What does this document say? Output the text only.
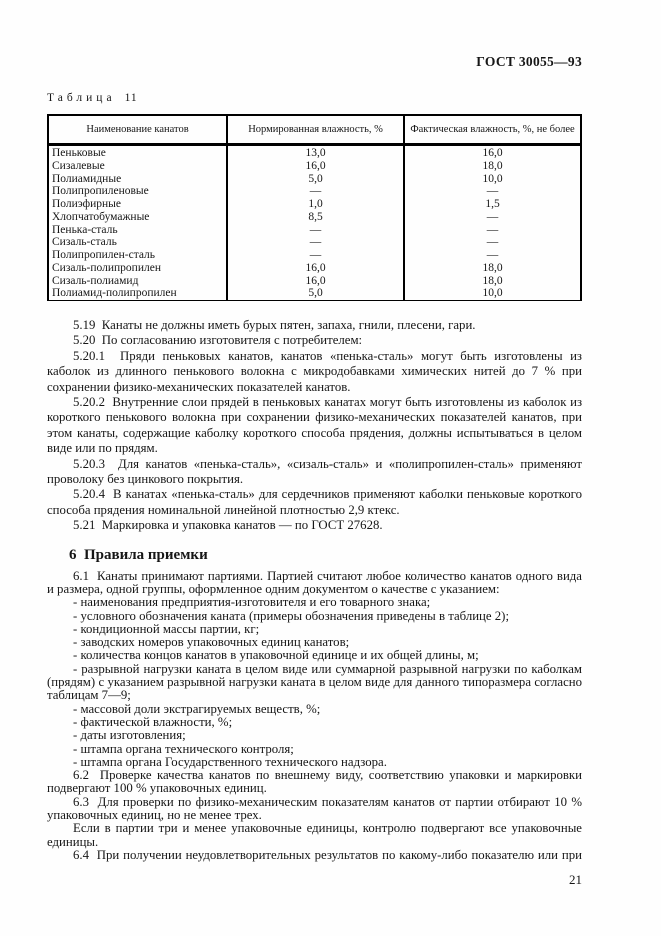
ГОСТ 30055—93
Таблица 11
Наименование канатов	Нормированная влажность, %	Фактическая влажность, %, не более
Пеньковые	13,0	16,0
Сизалевые	16,0	18,0
Полиамидные	5,0	10,0
Полипропиленовые	—	—
Полиэфирные	1,0	1,5
Хлопчатобумажные	8,5	—
Пенька-сталь	—	—
Сизаль-сталь	—	—
Полипропилен-сталь	—	—
Сизаль-полипропилен	16,0	18,0
Сизаль-полиамид	16,0	18,0
Полиамид-полипропилен	5,0	10,0

5.19  Канаты не должны иметь бурых пятен, запаха, гнили, плесени, гари.

5.20  По согласованию изготовителя с потребителем:

5.20.1  Пряди пеньковых канатов, канатов «пенька-сталь» могут быть изготовлены из каболок из длинного пенькового волокна с микродобавками химических нитей до 7 % при сохранении физико-механических показателей канатов.

5.20.2  Внутренние слои прядей в пеньковых канатах могут быть изготовлены из каболок из короткого пенькового волокна при сохранении физико-механических показателей канатов, при этом канаты, содержащие каболку короткого способа прядения, должны испытываться в целом виде или по прядям.

5.20.3  Для канатов «пенька-сталь», «сизаль-сталь» и «полипропилен-сталь» применяют проволоку без цинкового покрытия.

5.20.4  В канатах «пенька-сталь» для сердечников применяют каболки пеньковые короткого способа прядения номинальной линейной плотностью 2,9 ктекс.

5.21  Маркировка и упаковка канатов — по ГОСТ 27628.

6  Правила приемки

6.1  Канаты принимают партиями. Партией считают любое количество канатов одного вида и размера, одной группы, оформленное одним документом о качестве с указанием:

- наименования предприятия-изготовителя и его товарного знака;

- условного обозначения каната (примеры обозначения приведены в таблице 2);

- кондиционной массы партии, кг;

- заводских номеров упаковочных единиц канатов;

- количества концов канатов в упаковочной единице и их общей длины, м;

- разрывной нагрузки каната в целом виде или суммарной разрывной нагрузки по каболкам (прядям) с указанием разрывной нагрузки каната в целом виде для данного типоразмера согласно таблицам 7—9;

- массовой доли экстрагируемых веществ, %;

- фактической влажности, %;

- даты изготовления;

- штампа органа технического контроля;

- штампа органа Государственного технического надзора.

6.2  Проверке качества канатов по внешнему виду, соответствию упаковки и маркировки подвергают 100 % упаковочных единиц.

6.3  Для проверки по физико-механическим показателям канатов от партии отбирают 10 % упаковочных единиц, но не менее трех.

Если в партии три и менее упаковочные единицы, контролю подвергают все упаковочные единицы.

6.4  При получении неудовлетворительных результатов по какому-либо показателю или при

21
